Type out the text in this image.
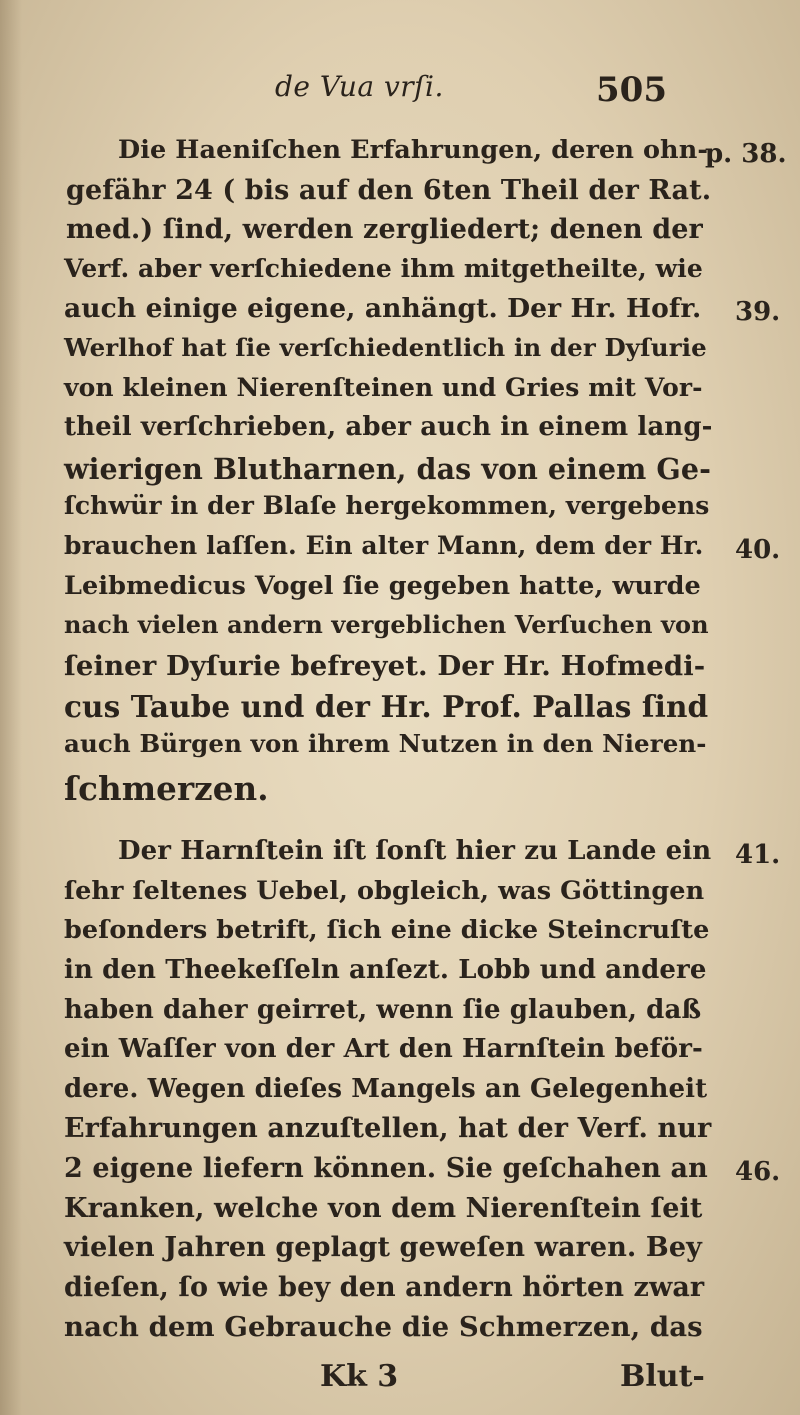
de Vua vrſi.	505
Die Haeniſchen Erfahrungen, deren ohn-
gefähr 24 ( bis auf den 6ten Theil der Rat.
med.) ſind, werden zergliedert; denen der
Verf. aber verſchiedene ihm mitgetheilte, wie
auch einige eigene, anhängt. Der Hr. Hofr.
Werlhof hat ſie verſchiedentlich in der Dyſurie
von kleinen Nierenſteinen und Gries mit Vor-
theil verſchrieben, aber auch in einem lang-
wierigen Blutharnen, das von einem Ge-
ſchwür in der Blaſe hergekommen, vergebens
brauchen laſſen. Ein alter Mann, dem der Hr.
Leibmedicus Vogel ſie gegeben hatte, wurde
nach vielen andern vergeblichen Verſuchen von
ſeiner Dyſurie befreyet. Der Hr. Hofmedi-
cus Taube und der Hr. Prof. Pallas ſind
auch Bürgen von ihrem Nutzen in den Nieren-
ſchmerzen.
Der Harnſtein iſt ſonſt hier zu Lande ein
ſehr ſeltenes Uebel, obgleich, was Göttingen
beſonders betrift, ſich eine dicke Steincruſte
in den Theekeſſeln anſezt. Lobb und andere
haben daher geirret, wenn ſie glauben, daß
ein Waſſer von der Art den Harnſtein beför-
dere. Wegen dieſes Mangels an Gelegenheit
p. 38.
39.
40.
41.
46.
Erfahrungen anzuſtellen, hat der Verf. nur
2 eigene liefern können. Sie geſchahen an
Kranken, welche von dem Nierenſtein ſeit
vielen Jahren geplagt geweſen waren. Bey
dieſen, ſo wie bey den andern hörten zwar
nach dem Gebrauche die Schmerzen, das
Kk 3	Blut-
